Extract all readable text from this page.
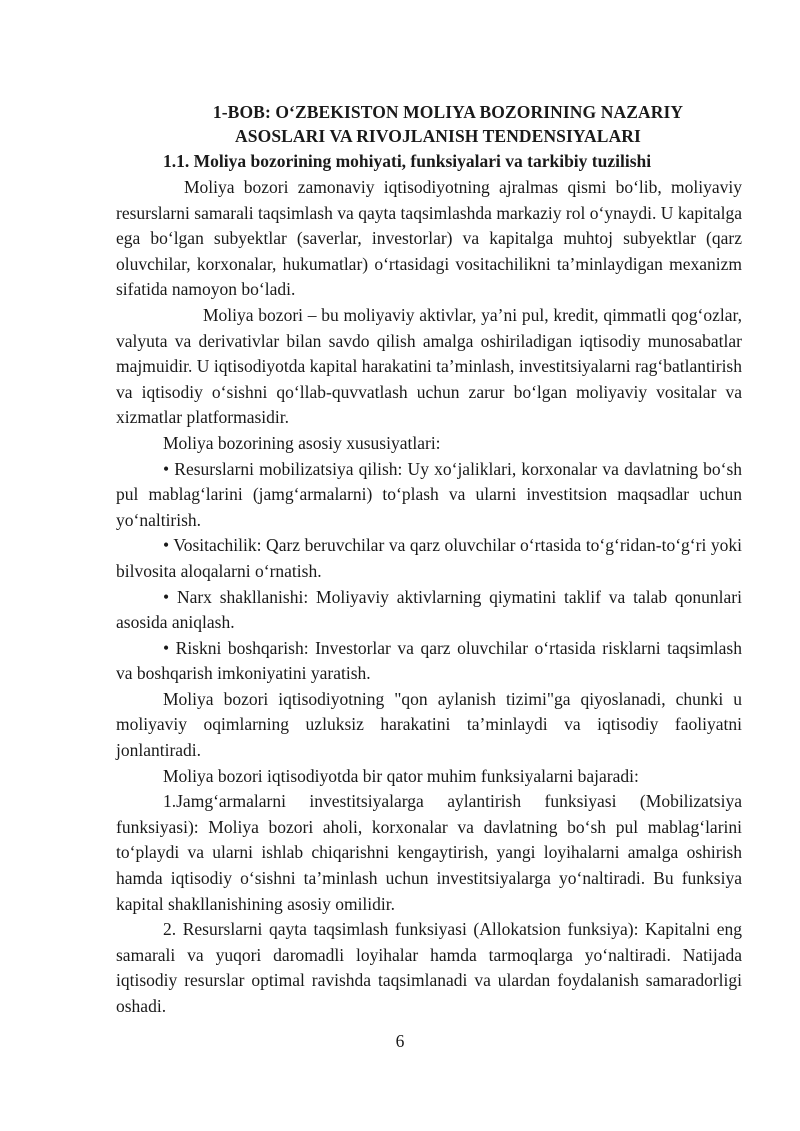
1-BOB: O‘ZBEKISTON MOLIYA BOZORINING NAZARIY
ASOSLARI VA RIVOJLANISH TENDENSIYALARI
1.1. Moliya bozorining mohiyati, funksiyalari va tarkibiy tuzilishi

Moliya bozori zamonaviy iqtisodiyotning ajralmas qismi bo‘lib, moliyaviy resurslarni samarali taqsimlash va qayta taqsimlashda markaziy rol o‘ynaydi. U kapitalga ega bo‘lgan subyektlar (saverlar, investorlar) va kapitalga muhtoj subyektlar (qarz oluvchilar, korxonalar, hukumatlar) o‘rtasidagi vositachilikni ta’minlaydigan mexanizm sifatida namoyon bo‘ladi.

Moliya bozori – bu moliyaviy aktivlar, ya’ni pul, kredit, qimmatli qog‘ozlar, valyuta va derivativlar bilan savdo qilish amalga oshiriladigan iqtisodiy munosabatlar majmuidir. U iqtisodiyotda kapital harakatini ta’minlash, investitsiyalarni rag‘batlantirish va iqtisodiy o‘sishni qo‘llab-quvvatlash uchun zarur bo‘lgan moliyaviy vositalar va xizmatlar platformasidir.

Moliya bozorining asosiy xususiyatlari:

• Resurslarni mobilizatsiya qilish: Uy xo‘jaliklari, korxonalar va davlatning bo‘sh pul mablag‘larini (jamg‘armalarni) to‘plash va ularni investitsion maqsadlar uchun yo‘naltirish.

• Vositachilik: Qarz beruvchilar va qarz oluvchilar o‘rtasida to‘g‘ridan-to‘g‘ri yoki bilvosita aloqalarni o‘rnatish.

• Narx shakllanishi: Moliyaviy aktivlarning qiymatini taklif va talab qonunlari asosida aniqlash.

• Riskni boshqarish: Investorlar va qarz oluvchilar o‘rtasida risklarni taqsimlash va boshqarish imkoniyatini yaratish.

Moliya bozori iqtisodiyotning "qon aylanish tizimi"ga qiyoslanadi, chunki u moliyaviy oqimlarning uzluksiz harakatini ta’minlaydi va iqtisodiy faoliyatni jonlantiradi.

Moliya bozori iqtisodiyotda bir qator muhim funksiyalarni bajaradi:

1.Jamg‘armalarni investitsiyalarga aylantirish funksiyasi (Mobilizatsiya funksiyasi): Moliya bozori aholi, korxonalar va davlatning bo‘sh pul mablag‘larini to‘playdi va ularni ishlab chiqarishni kengaytirish, yangi loyihalarni amalga oshirish hamda iqtisodiy o‘sishni ta’minlash uchun investitsiyalarga yo‘naltiradi. Bu funksiya kapital shakllanishining asosiy omilidir.

2. Resurslarni qayta taqsimlash funksiyasi (Allokatsion funksiya): Kapitalni eng samarali va yuqori daromadli loyihalar hamda tarmoqlarga yo‘naltiradi. Natijada iqtisodiy resurslar optimal ravishda taqsimlanadi va ulardan foydalanish samaradorligi oshadi.

6
